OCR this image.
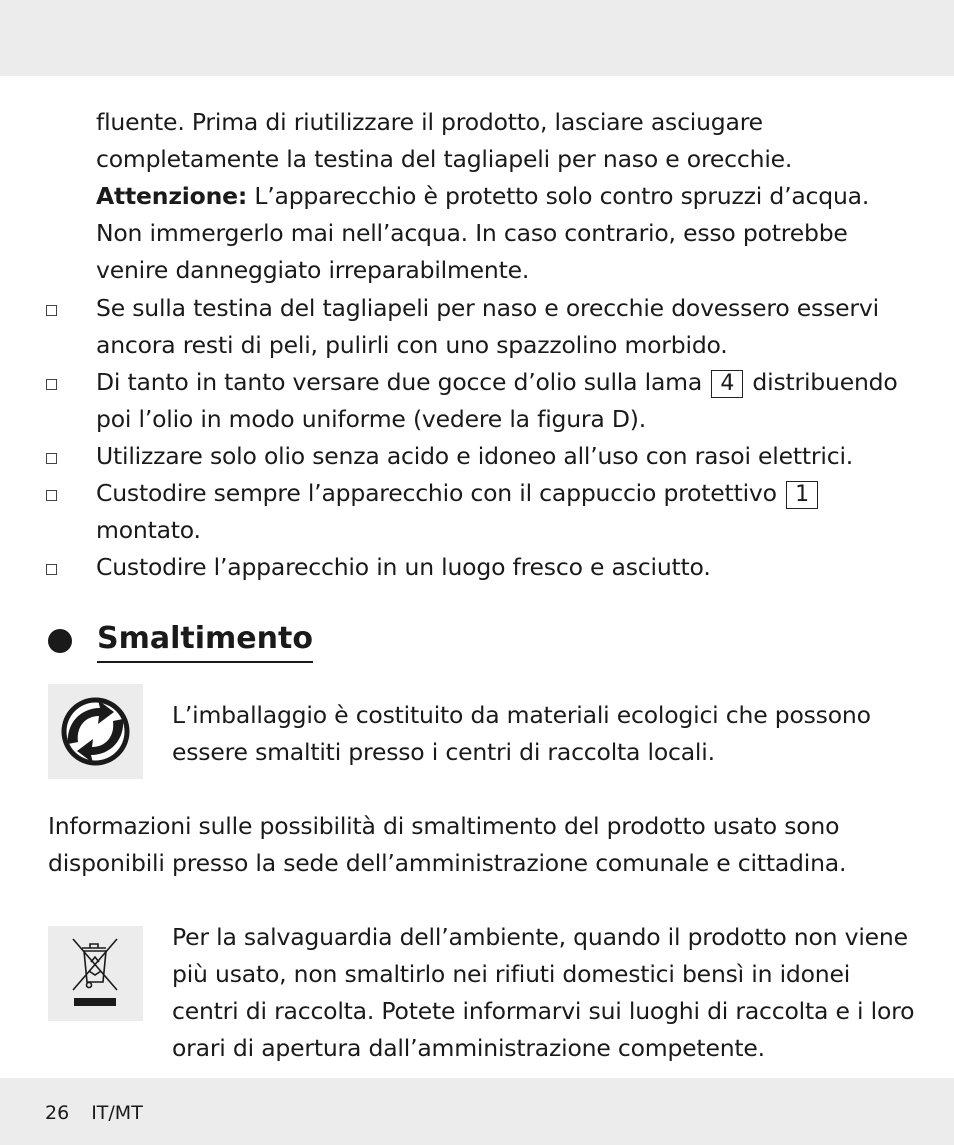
fluente. Prima di riutilizzare il prodotto, lasciare asciugare completamente la testina del tagliapeli per naso e orecchie.

Attenzione: L’apparecchio è protetto solo contro spruzzi d’acqua. Non immergerlo mai nell’acqua. In caso contrario, esso potrebbe venire danneggiato irreparabilmente.

Se sulla testina del tagliapeli per naso e orecchie dovessero esservi ancora resti di peli, pulirli con uno spazzolino morbido.
Di tanto in tanto versare due gocce d’olio sulla lama 4 distribuendo poi l’olio in modo uniforme (vedere la figura D).
Utilizzare solo olio senza acido e idoneo all’uso con rasoi elettrici.
Custodire sempre l’apparecchio con il cappuccio protettivo 1 montato.
Custodire l’apparecchio in un luogo fresco e asciutto.
Smaltimento

L’imballaggio è costituito da materiali ecologici che possono essere smaltiti presso i centri di raccolta locali.

Informazioni sulle possibilità di smaltimento del prodotto usato sono disponibili presso la sede dell’amministrazione comunale e cittadina.

Per la salvaguardia dell’ambiente, quando il prodotto non viene più usato, non smaltirlo nei rifiuti domestici bensì in idonei centri di raccolta. Potete informarvi sui luoghi di raccolta e i loro orari di apertura dall’amministrazione competente.

26 IT/MT
